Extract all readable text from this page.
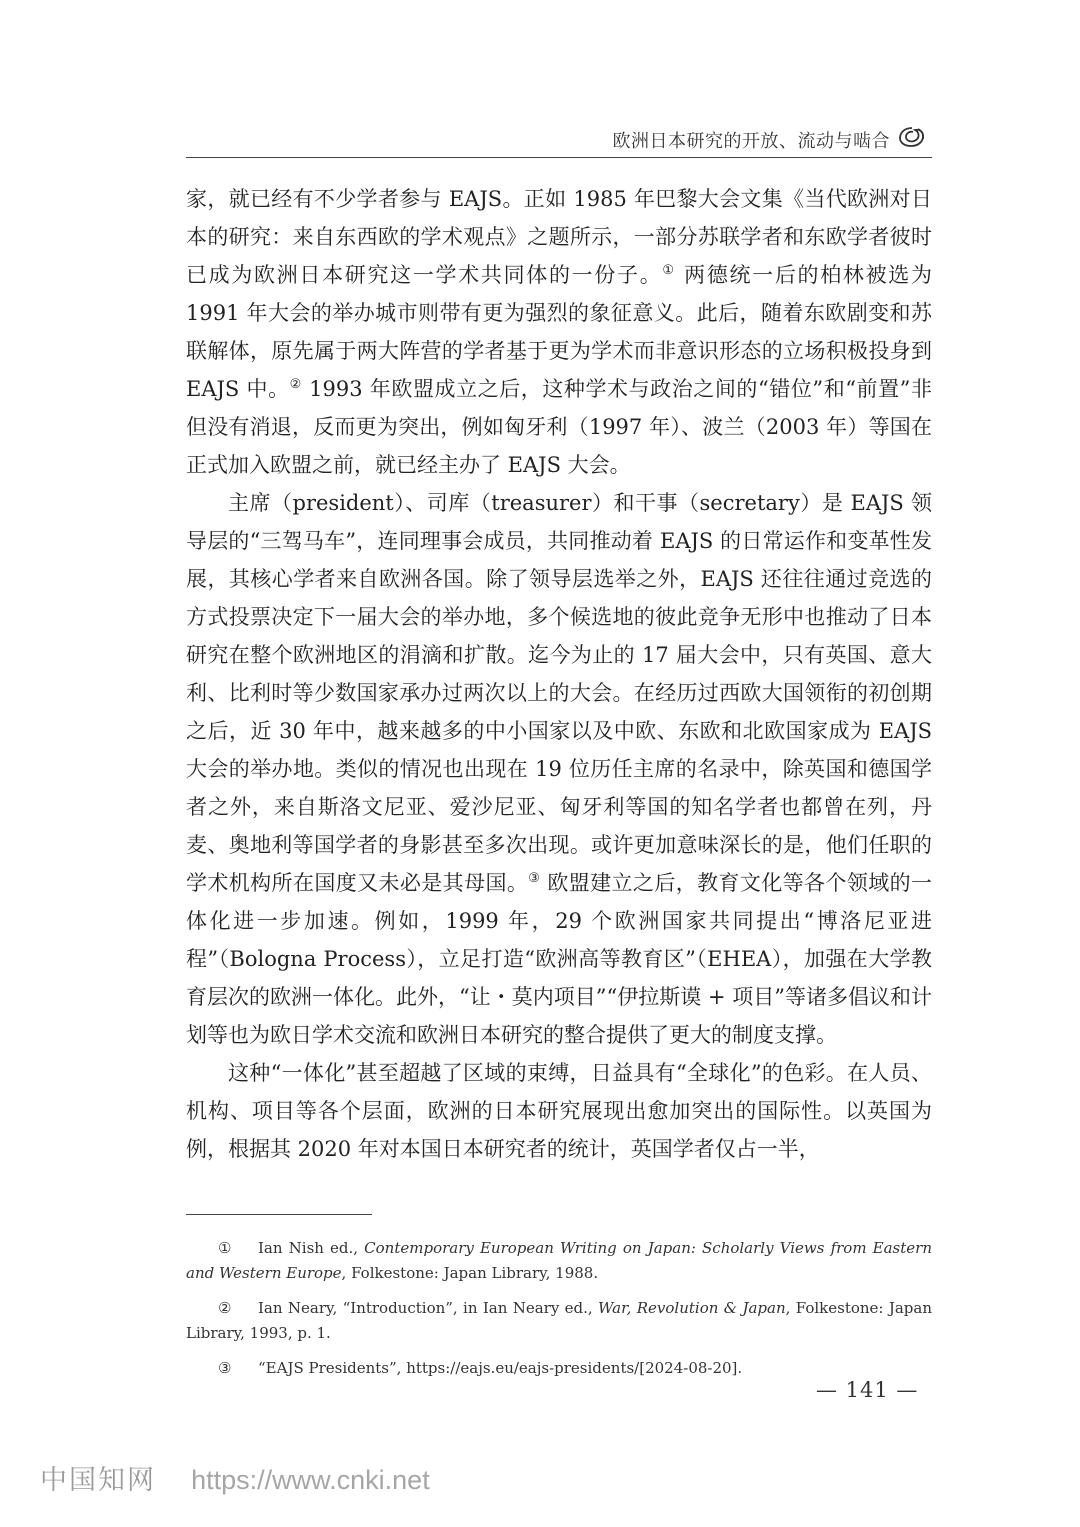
欧洲日本研究的开放、流动与啮合

家，就已经有不少学者参与 EAJS。正如 1985 年巴黎大会文集《当代欧洲对日本的研究：来自东西欧的学术观点》之题所示，一部分苏联学者和东欧学者彼时已成为欧洲日本研究这一学术共同体的一份子。① 两德统一后的柏林被选为 1991 年大会的举办城市则带有更为强烈的象征意义。此后，随着东欧剧变和苏联解体，原先属于两大阵营的学者基于更为学术而非意识形态的立场积极投身到 EAJS 中。② 1993 年欧盟成立之后，这种学术与政治之间的“错位”和“前置”非但没有消退，反而更为突出，例如匈牙利（1997 年）、波兰（2003 年）等国在正式加入欧盟之前，就已经主办了 EAJS 大会。

主席（president）、司库（treasurer）和干事（secretary）是 EAJS 领导层的“三驾马车”，连同理事会成员，共同推动着 EAJS 的日常运作和变革性发展，其核心学者来自欧洲各国。除了领导层选举之外，EAJS 还往往通过竞选的方式投票决定下一届大会的举办地，多个候选地的彼此竞争无形中也推动了日本研究在整个欧洲地区的涓滴和扩散。迄今为止的 17 届大会中，只有英国、意大利、比利时等少数国家承办过两次以上的大会。在经历过西欧大国领衔的初创期之后，近 30 年中，越来越多的中小国家以及中欧、东欧和北欧国家成为 EAJS 大会的举办地。类似的情况也出现在 19 位历任主席的名录中，除英国和德国学者之外，来自斯洛文尼亚、爱沙尼亚、匈牙利等国的知名学者也都曾在列，丹麦、奥地利等国学者的身影甚至多次出现。或许更加意味深长的是，他们任职的学术机构所在国度又未必是其母国。③ 欧盟建立之后，教育文化等各个领域的一体化进一步加速。例如，1999 年，29 个欧洲国家共同提出“博洛尼亚进程”（Bologna Process），立足打造“欧洲高等教育区”（EHEA），加强在大学教育层次的欧洲一体化。此外，“让・莫内项目”“伊拉斯谟 + 项目”等诸多倡议和计划等也为欧日学术交流和欧洲日本研究的整合提供了更大的制度支撑。

这种“一体化”甚至超越了区域的束缚，日益具有“全球化”的色彩。在人员、机构、项目等各个层面，欧洲的日本研究展现出愈加突出的国际性。以英国为例，根据其 2020 年对本国日本研究者的统计，英国学者仅占一半，

① Ian Nish ed., Contemporary European Writing on Japan: Scholarly Views from Eastern and Western Europe, Folkestone: Japan Library, 1988.

② Ian Neary, “Introduction”, in Ian Neary ed., War, Revolution & Japan, Folkestone: Japan Library, 1993, p. 1.

③ “EAJS Presidents”, https://eajs.eu/eajs-presidents/[2024-08-20].

— 141 —
中国知网 https://www.cnki.net
